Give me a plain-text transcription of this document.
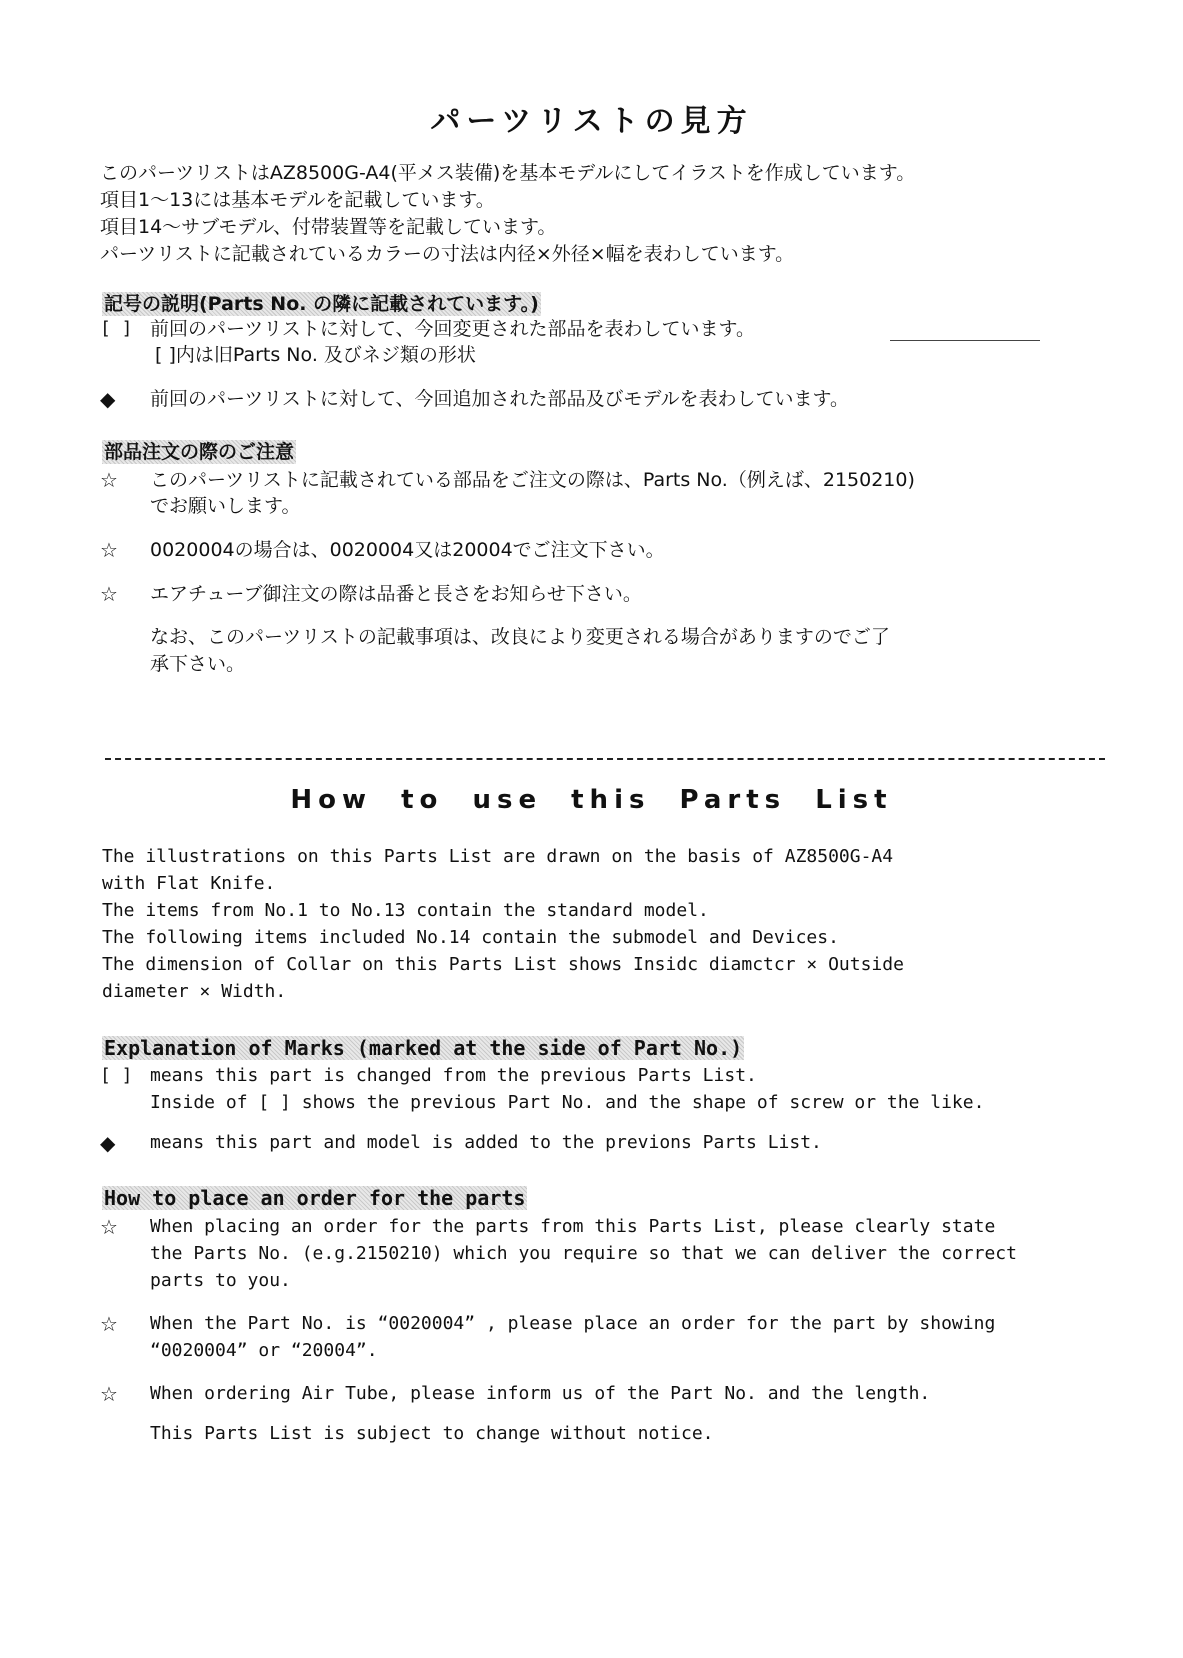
パーツリストの見方
このパーツリストはAZ8500G-A4(平メス装備)を基本モデルにしてイラストを作成しています。
項目1～13には基本モデルを記載しています。
項目14～サブモデル、付帯装置等を記載しています。
パーツリストに記載されているカラーの寸法は内径×外径×幅を表わしています。
記号の説明(Parts No. の隣に記載されています。)
[ ] 前回のパーツリストに対して、今回変更された部品を表わしています。
[ ]内は旧Parts No. 及びネジ類の形状
◆ 前回のパーツリストに対して、今回追加された部品及びモデルを表わしています。
部品注文の際のご注意
☆ このパーツリストに記載されている部品をご注文の際は、Parts No.（例えば、2150210)
でお願いします。
☆ 0020004の場合は、0020004又は20004でご注文下さい。
☆ エアチューブ御注文の際は品番と長さをお知らせ下さい。
なお、このパーツリストの記載事項は、改良により変更される場合がありますのでご了
承下さい。
How to use this Parts List
The illustrations on this Parts List are drawn on the basis of AZ8500G-A4
with Flat Knife.
The items from No.1 to No.13 contain the standard model.
The following items included No.14 contain the submodel and Devices.
The dimension of Collar on this Parts List shows Insidc diamctcr × Outside
diameter × Width.
Explanation of Marks (marked at the side of Part No.)
[ ] means this part is changed from the previous Parts List.
Inside of [ ] shows the previous Part No. and the shape of screw or the like.
◆ means this part and model is added to the previons Parts List.
How to place an order for the parts
☆ When placing an order for the parts from this Parts List, please clearly state
the Parts No. (e.g.2150210) which you require so that we can deliver the correct
parts to you.
☆ When the Part No. is “0020004” , please place an order for the part by showing
“0020004” or “20004”.
☆ When ordering Air Tube, please inform us of the Part No. and the length.
This Parts List is subject to change without notice.
